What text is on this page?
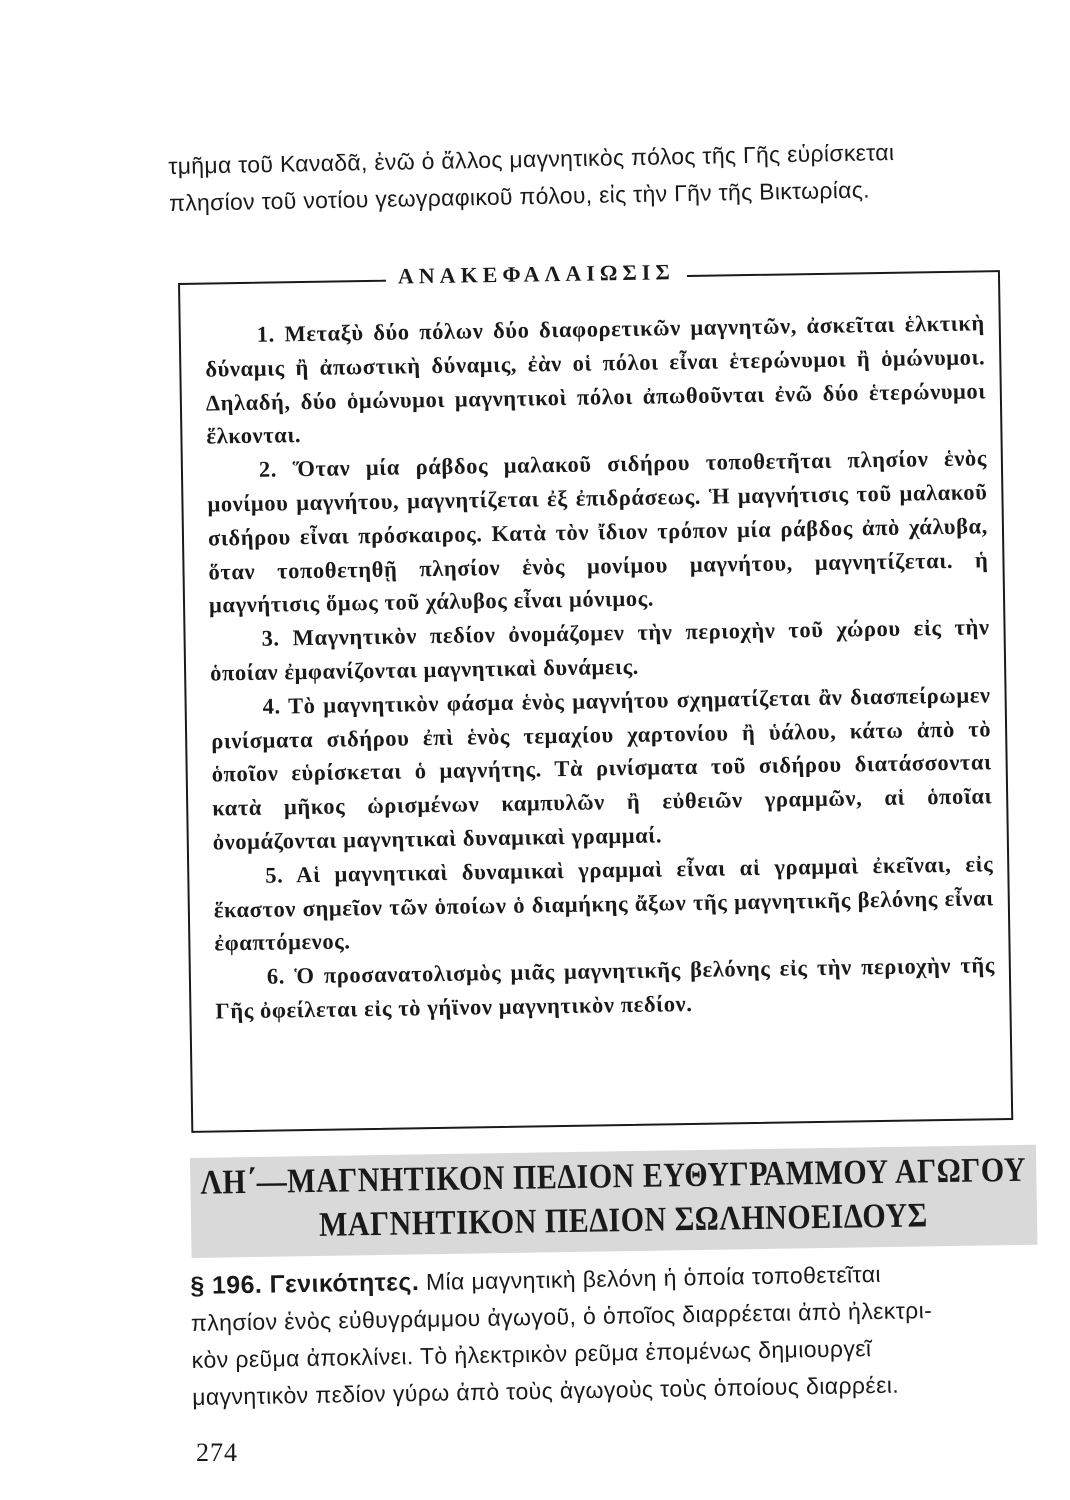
τμῆμα τοῦ Καναδᾶ, ἐνῶ ὁ ἄλλος μαγνητικὸς πόλος τῆς Γῆς εὑρίσκεται

πλησίον τοῦ νοτίου γεωγραφικοῦ πόλου, εἰς τὴν Γῆν τῆς Βικτωρίας.

ΑΝΑΚΕΦΑΛΑΙΩΣΙΣ

1. Μεταξὺ δύο πόλων δύο διαφορετικῶν μαγνητῶν, ἀσκεῖται ἑλκτικὴ δύναμις ἢ ἀπωστικὴ δύναμις, ἐὰν οἱ πόλοι εἶναι ἑτερώνυμοι ἢ ὁμώνυμοι. Δηλαδή, δύο ὁμώνυμοι μαγνητικοὶ πόλοι ἀπωθοῦνται ἐνῶ δύο ἑτερώνυμοι ἕλκονται.

2. Ὅταν μία ράβδος μαλακοῦ σιδήρου τοποθετῆται πλησίον ἑνὸς μονίμου μαγνήτου, μαγνητίζεται ἐξ ἐπιδράσεως. Ἡ μαγνήτισις τοῦ μαλακοῦ σιδήρου εἶναι πρόσκαιρος. Κατὰ τὸν ἴδιον τρόπον μία ράβδος ἀπὸ χάλυβα, ὅταν τοποθετηθῇ πλησίον ἑνὸς μονίμου μαγνήτου, μαγνητίζεται. ἡ μαγνήτισις ὅμως τοῦ χάλυβος εἶναι μόνιμος.

3. Μαγνητικὸν πεδίον ὀνομάζομεν τὴν περιοχὴν τοῦ χώρου εἰς τὴν ὁποίαν ἐμφανίζονται μαγνητικαὶ δυνάμεις.

4. Τὸ μαγνητικὸν φάσμα ἑνὸς μαγνήτου σχηματίζεται ἂν διασπείρωμεν ρινίσματα σιδήρου ἐπὶ ἑνὸς τεμαχίου χαρτονίου ἢ ὑάλου, κάτω ἀπὸ τὸ ὁποῖον εὑρίσκεται ὁ μαγνήτης. Τὰ ρινίσματα τοῦ σιδήρου διατάσσονται κατὰ μῆκος ὡρισμένων καμπυλῶν ἢ εὐθειῶν γραμμῶν, αἱ ὁποῖαι ὀνομάζονται μαγνητικαὶ δυναμικαὶ γραμμαί.

5. Αἱ μαγνητικαὶ δυναμικαὶ γραμμαὶ εἶναι αἱ γραμμαὶ ἐκεῖναι, εἰς ἕκαστον σημεῖον τῶν ὁποίων ὁ διαμήκης ἄξων τῆς μαγνητικῆς βελόνης εἶναι ἐφαπτόμενος.

6. Ὁ προσανατολισμὸς μιᾶς μαγνητικῆς βελόνης εἰς τὴν περιοχὴν τῆς Γῆς ὀφείλεται εἰς τὸ γήϊνον μαγνητικὸν πεδίον.

ΛΗ΄—ΜΑΓΝΗΤΙΚΟΝ ΠΕΔΙΟΝ ΕΥΘΥΓΡΑΜΜΟΥ ΑΓΩΓΟΥ
ΜΑΓΝΗΤΙΚΟΝ ΠΕΔΙΟΝ ΣΩΛΗΝΟΕΙΔΟΥΣ

§ 196. Γενικότητες. Μία μαγνητικὴ βελόνη ἡ ὁποία τοποθετεῖται

πλησίον ἑνὸς εὐθυγράμμου ἀγωγοῦ, ὁ ὁποῖος διαρρέεται ἀπὸ ἠλεκτρι-

κὸν ρεῦμα ἀποκλίνει. Τὸ ἠλεκτρικὸν ρεῦμα ἑπομένως δημιουργεῖ

μαγνητικὸν πεδίον γύρω ἀπὸ τοὺς ἀγωγοὺς τοὺς ὁποίους διαρρέει.

274
